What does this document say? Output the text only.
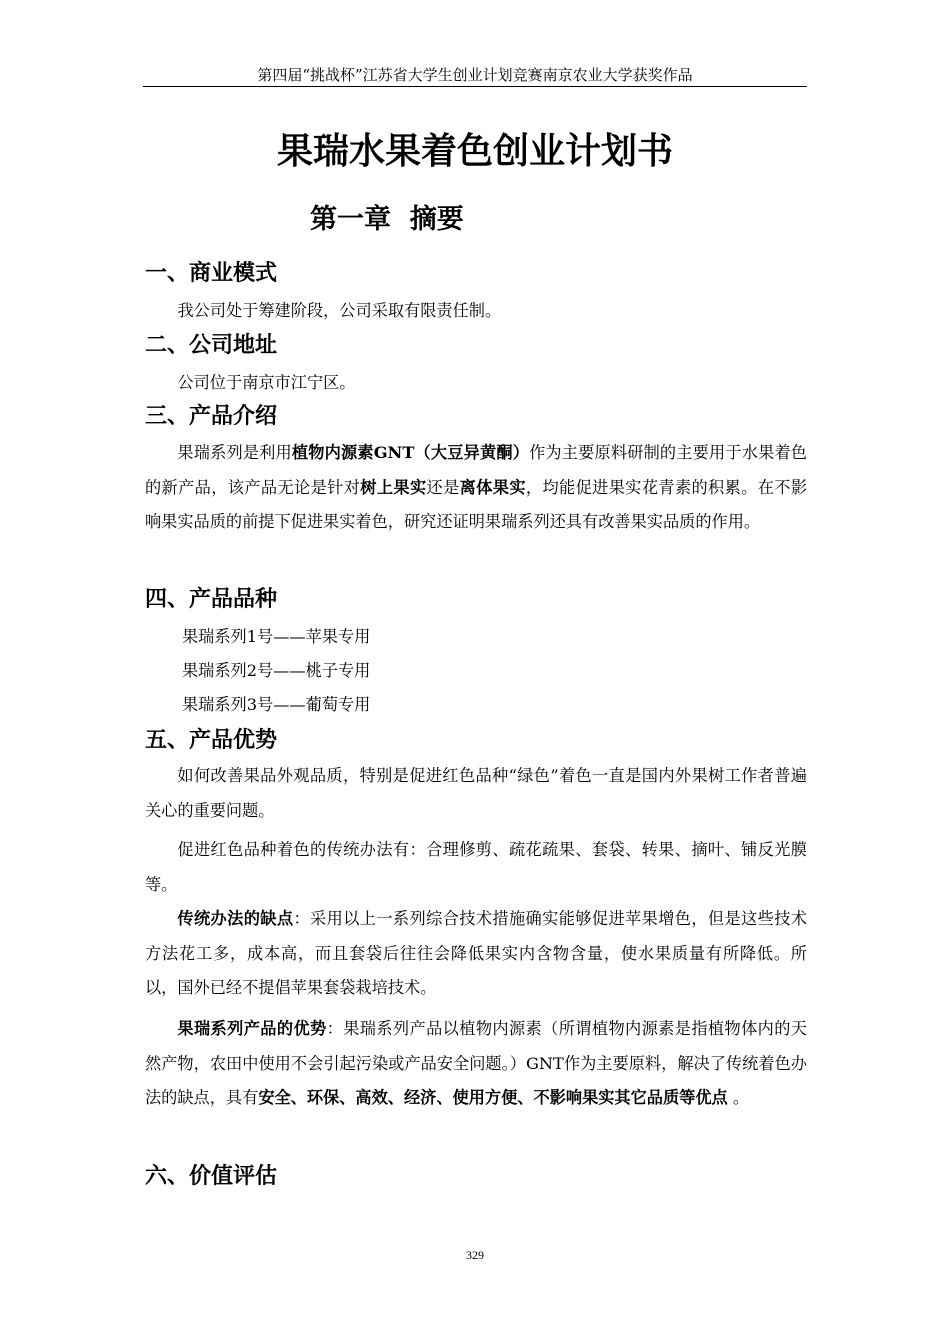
第四届“挑战杯”江苏省大学生创业计划竞赛南京农业大学获奖作品
果瑞水果着色创业计划书
第一章  摘要
一、商业模式
我公司处于筹建阶段，公司采取有限责任制。
二、公司地址
公司位于南京市江宁区。
三、产品介绍
果瑞系列是利用植物内源素GNT（大豆异黄酮）作为主要原料研制的主要用于水果着色的新产品，该产品无论是针对树上果实还是离体果实，均能促进果实花青素的积累。在不影响果实品质的前提下促进果实着色，研究还证明果瑞系列还具有改善果实品质的作用。
四、产品品种
果瑞系列1号——苹果专用
果瑞系列2号——桃子专用
果瑞系列3号——葡萄专用
五、产品优势
如何改善果品外观品质，特别是促进红色品种“绿色”着色一直是国内外果树工作者普遍关心的重要问题。
促进红色品种着色的传统办法有：合理修剪、疏花疏果、套袋、转果、摘叶、铺反光膜等。
传统办法的缺点：采用以上一系列综合技术措施确实能够促进苹果增色，但是这些技术方法花工多，成本高，而且套袋后往往会降低果实内含物含量，使水果质量有所降低。所以，国外已经不提倡苹果套袋栽培技术。
果瑞系列产品的优势：果瑞系列产品以植物内源素（所谓植物内源素是指植物体内的天然产物，农田中使用不会引起污染或产品安全问题。）GNT作为主要原料，解决了传统着色办法的缺点，具有安全、环保、高效、经济、使用方便、不影响果实其它品质等优点 。
六、价值评估
329
